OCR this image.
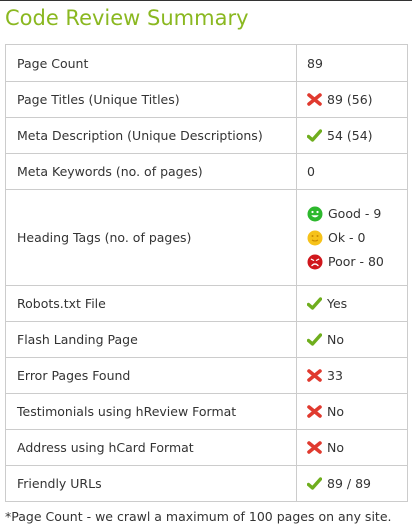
Code Review Summary
Page Count	89
Page Titles (Unique Titles)	89 (56)
Meta Description (Unique Descriptions)	54 (54)
Meta Keywords (no. of pages)	0
Heading Tags (no. of pages)	Good - 9
Ok - 0
Poor - 80

Robots.txt File	Yes
Flash Landing Page	No
Error Pages Found	33
Testimonials using hReview Format	No
Address using hCard Format	No
Friendly URLs	89 / 89

*Page Count - we crawl a maximum of 100 pages on any site.
